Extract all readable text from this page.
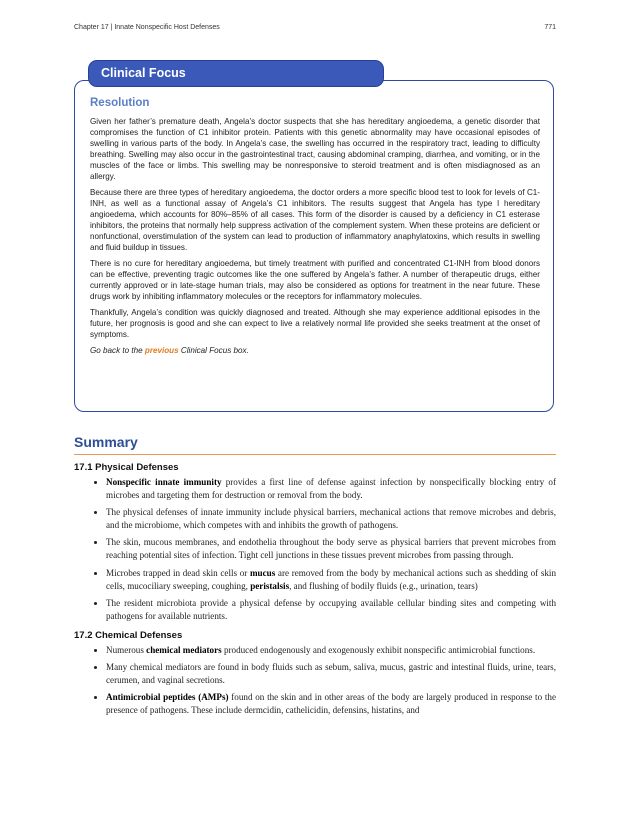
Chapter 17 | Innate Nonspecific Host Defenses	771
Clinical Focus
Resolution

Given her father’s premature death, Angela’s doctor suspects that she has hereditary angioedema, a genetic disorder that compromises the function of C1 inhibitor protein. Patients with this genetic abnormality may have occasional episodes of swelling in various parts of the body. In Angela’s case, the swelling has occurred in the respiratory tract, leading to difficulty breathing. Swelling may also occur in the gastrointestinal tract, causing abdominal cramping, diarrhea, and vomiting, or in the muscles of the face or limbs. This swelling may be nonresponsive to steroid treatment and is often misdiagnosed as an allergy.

Because there are three types of hereditary angioedema, the doctor orders a more specific blood test to look for levels of C1-INH, as well as a functional assay of Angela’s C1 inhibitors. The results suggest that Angela has type I hereditary angioedema, which accounts for 80%–85% of all cases. This form of the disorder is caused by a deficiency in C1 esterase inhibitors, the proteins that normally help suppress activation of the complement system. When these proteins are deficient or nonfunctional, overstimulation of the system can lead to production of inflammatory anaphylatoxins, which results in swelling and fluid buildup in tissues.

There is no cure for hereditary angioedema, but timely treatment with purified and concentrated C1-INH from blood donors can be effective, preventing tragic outcomes like the one suffered by Angela’s father. A number of therapeutic drugs, either currently approved or in late-stage human trials, may also be considered as options for treatment in the near future. These drugs work by inhibiting inflammatory molecules or the receptors for inflammatory molecules.

Thankfully, Angela’s condition was quickly diagnosed and treated. Although she may experience additional episodes in the future, her prognosis is good and she can expect to live a relatively normal life provided she seeks treatment at the onset of symptoms.

Go back to the previous Clinical Focus box.

Summary
17.1 Physical Defenses
• Nonspecific innate immunity provides a first line of defense against infection by nonspecifically blocking entry of microbes and targeting them for destruction or removal from the body.
• The physical defenses of innate immunity include physical barriers, mechanical actions that remove microbes and debris, and the microbiome, which competes with and inhibits the growth of pathogens.
• The skin, mucous membranes, and endothelia throughout the body serve as physical barriers that prevent microbes from reaching potential sites of infection. Tight cell junctions in these tissues prevent microbes from passing through.
• Microbes trapped in dead skin cells or mucus are removed from the body by mechanical actions such as shedding of skin cells, mucociliary sweeping, coughing, peristalsis, and flushing of bodily fluids (e.g., urination, tears)
• The resident microbiota provide a physical defense by occupying available cellular binding sites and competing with pathogens for available nutrients.
17.2 Chemical Defenses
• Numerous chemical mediators produced endogenously and exogenously exhibit nonspecific antimicrobial functions.
• Many chemical mediators are found in body fluids such as sebum, saliva, mucus, gastric and intestinal fluids, urine, tears, cerumen, and vaginal secretions.
• Antimicrobial peptides (AMPs) found on the skin and in other areas of the body are largely produced in response to the presence of pathogens. These include dermcidin, cathelicidin, defensins, histatins, and
